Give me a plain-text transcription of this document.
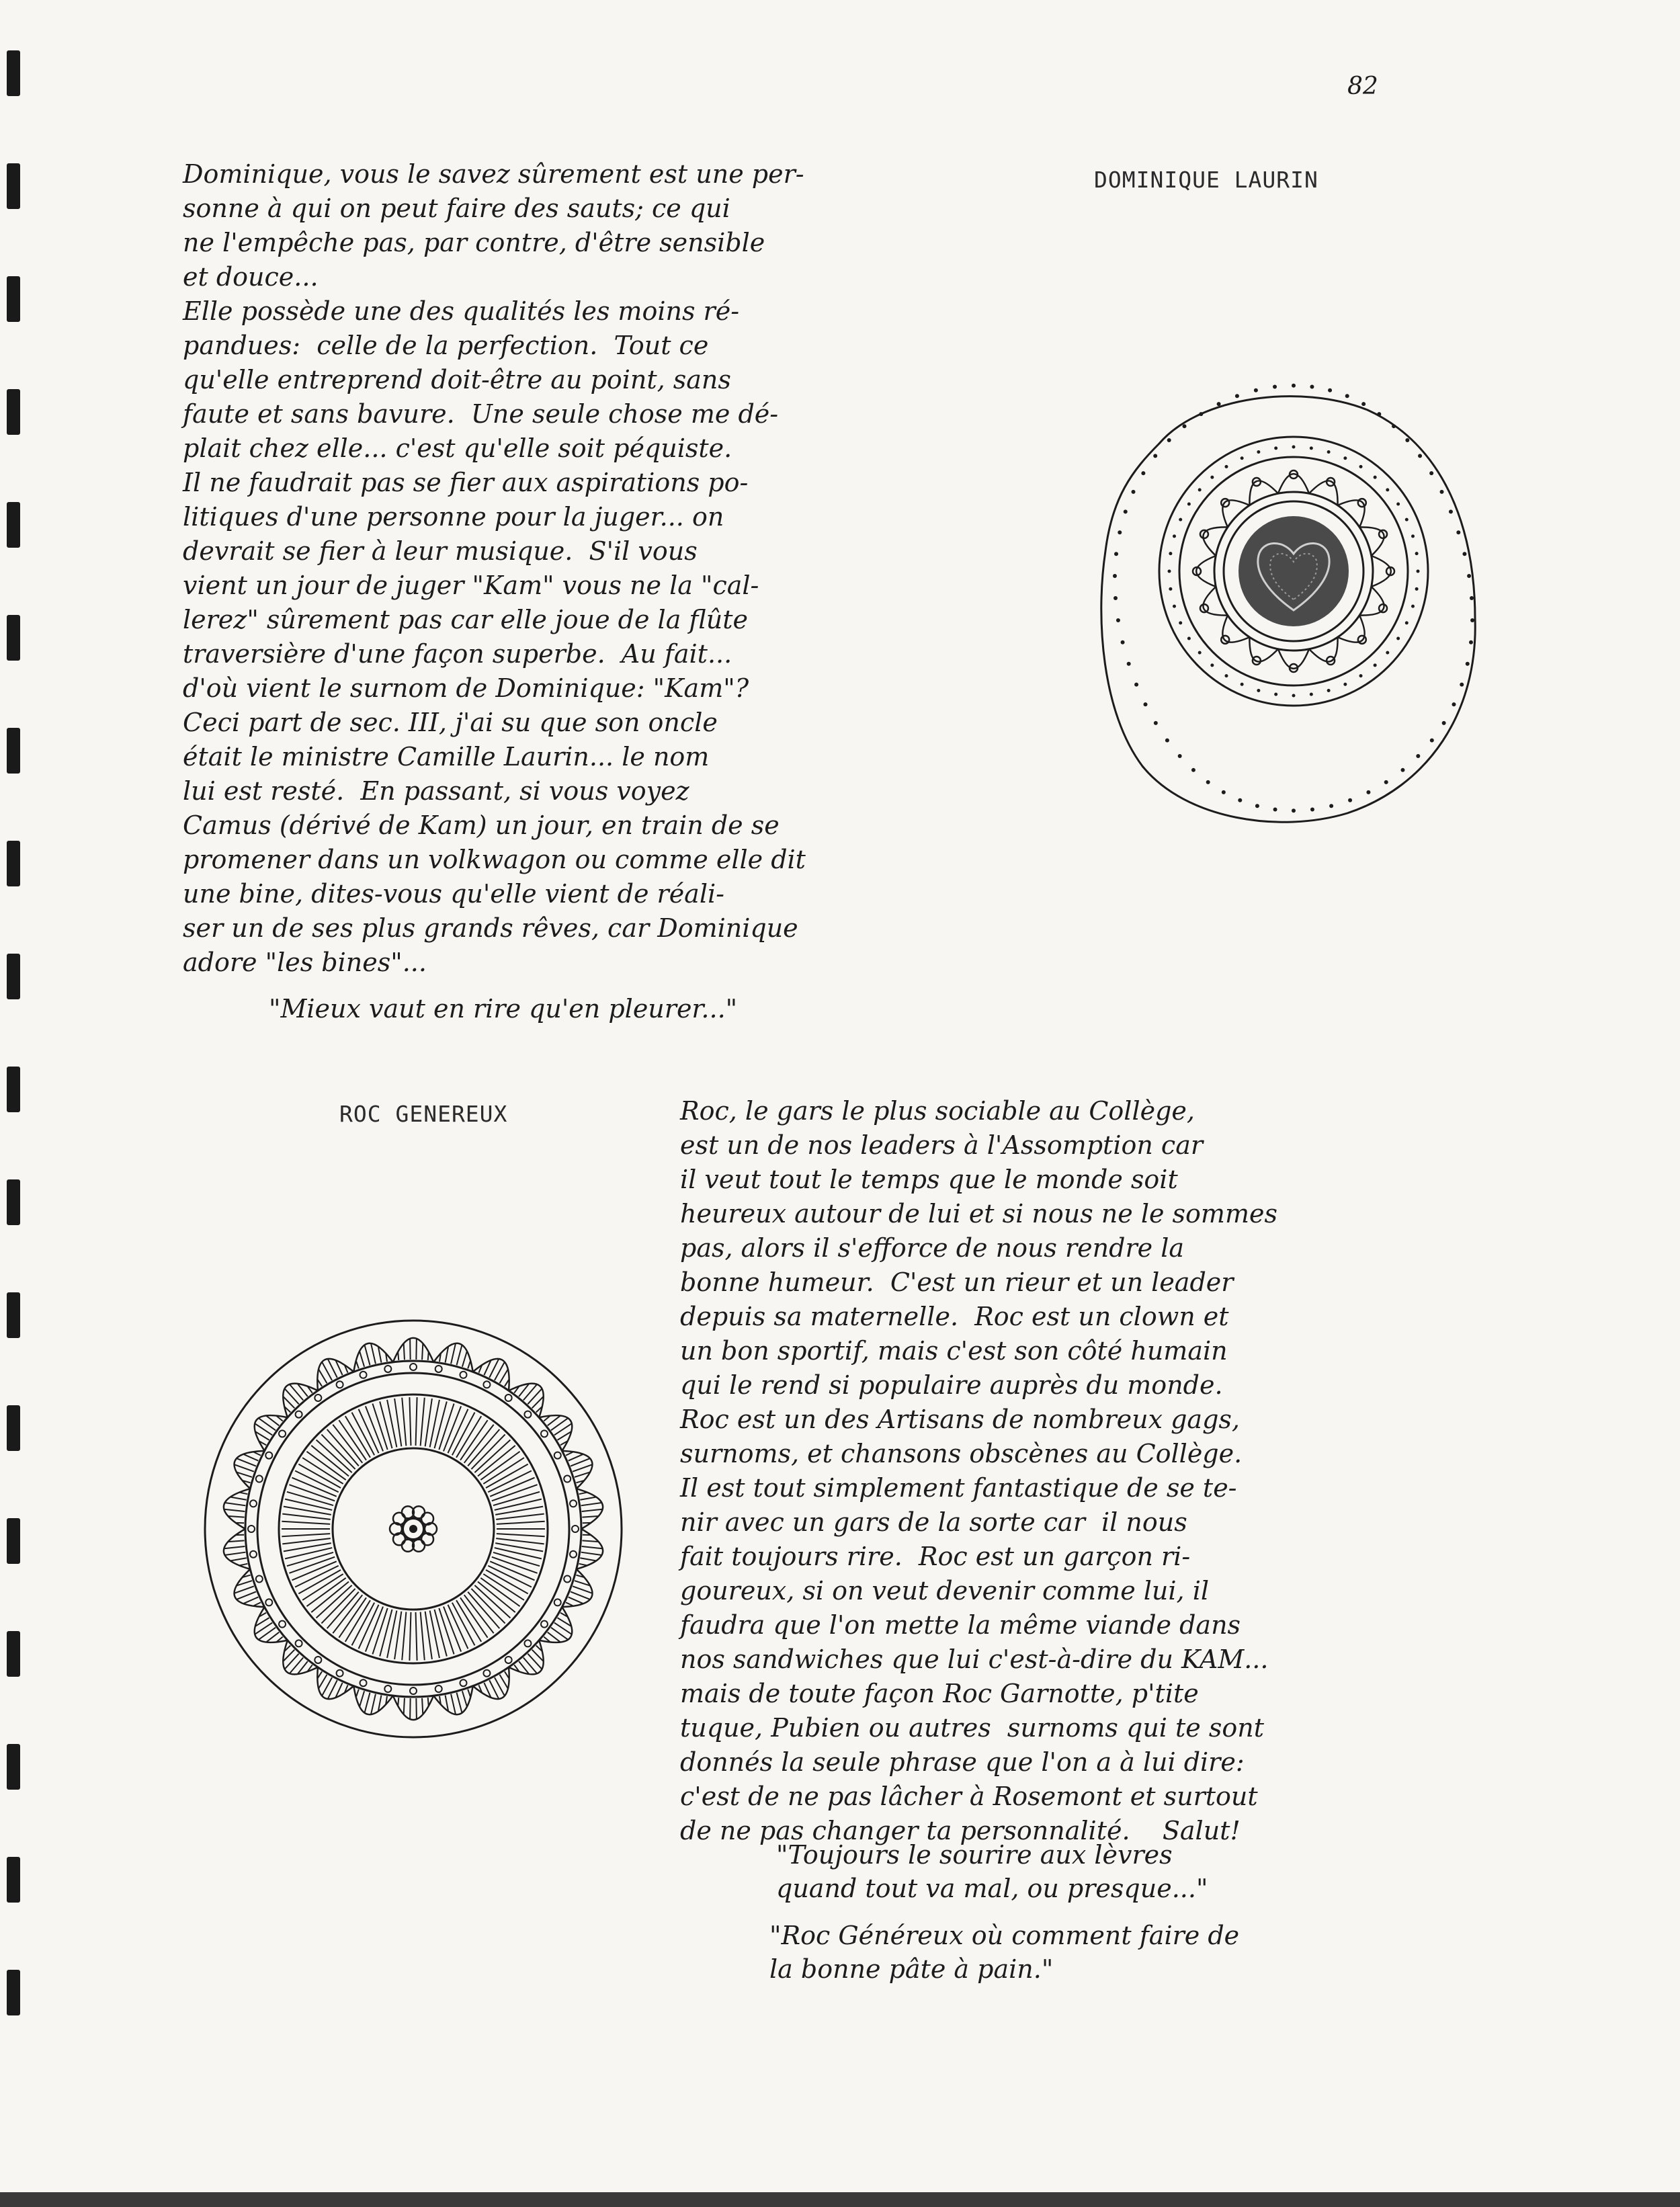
82
DOMINIQUE LAURIN
Dominique, vous le savez sûrement est une per-
sonne à qui on peut faire des sauts; ce qui
ne l'empêche pas, par contre, d'être sensible
et douce...
Elle possède une des qualités les moins ré-
pandues:  celle de la perfection.  Tout ce
qu'elle entreprend doit-être au point, sans
faute et sans bavure.  Une seule chose me dé-
plait chez elle... c'est qu'elle soit péquiste.
Il ne faudrait pas se fier aux aspirations po-
litiques d'une personne pour la juger... on
devrait se fier à leur musique.  S'il vous
vient un jour de juger "Kam" vous ne la "cal-
lerez" sûrement pas car elle joue de la flûte
traversière d'une façon superbe.  Au fait...
d'où vient le surnom de Dominique: "Kam"?
Ceci part de sec. III, j'ai su que son oncle
était le ministre Camille Laurin... le nom
lui est resté.  En passant, si vous voyez
Camus (dérivé de Kam) un jour, en train de se
promener dans un volkwagon ou comme elle dit
une bine, dites-vous qu'elle vient de réali-
ser un de ses plus grands rêves, car Dominique
adore "les bines"...
"Mieux vaut en rire qu'en pleurer..."
ROC GENEREUX	Roc, le gars le plus sociable au Collège,
est un de nos leaders à l'Assomption car
il veut tout le temps que le monde soit
heureux autour de lui et si nous ne le sommes
pas, alors il s'efforce de nous rendre la
bonne humeur.  C'est un rieur et un leader
depuis sa maternelle.  Roc est un clown et
un bon sportif, mais c'est son côté humain
qui le rend si populaire auprès du monde.
Roc est un des Artisans de nombreux gags,
surnoms, et chansons obscènes au Collège.
Il est tout simplement fantastique de se te-
nir avec un gars de la sorte car  il nous
fait toujours rire.  Roc est un garçon ri-
goureux, si on veut devenir comme lui, il
faudra que l'on mette la même viande dans
nos sandwiches que lui c'est-à-dire du KAM...
mais de toute façon Roc Garnotte, p'tite
tuque, Pubien ou autres  surnoms qui te sont
donnés la seule phrase que l'on a à lui dire:
c'est de ne pas lâcher à Rosemont et surtout
de ne pas changer ta personnalité.    Salut!
"Toujours le sourire aux lèvres
quand tout va mal, ou presque..."
"Roc Généreux où comment faire de
la bonne pâte à pain."
